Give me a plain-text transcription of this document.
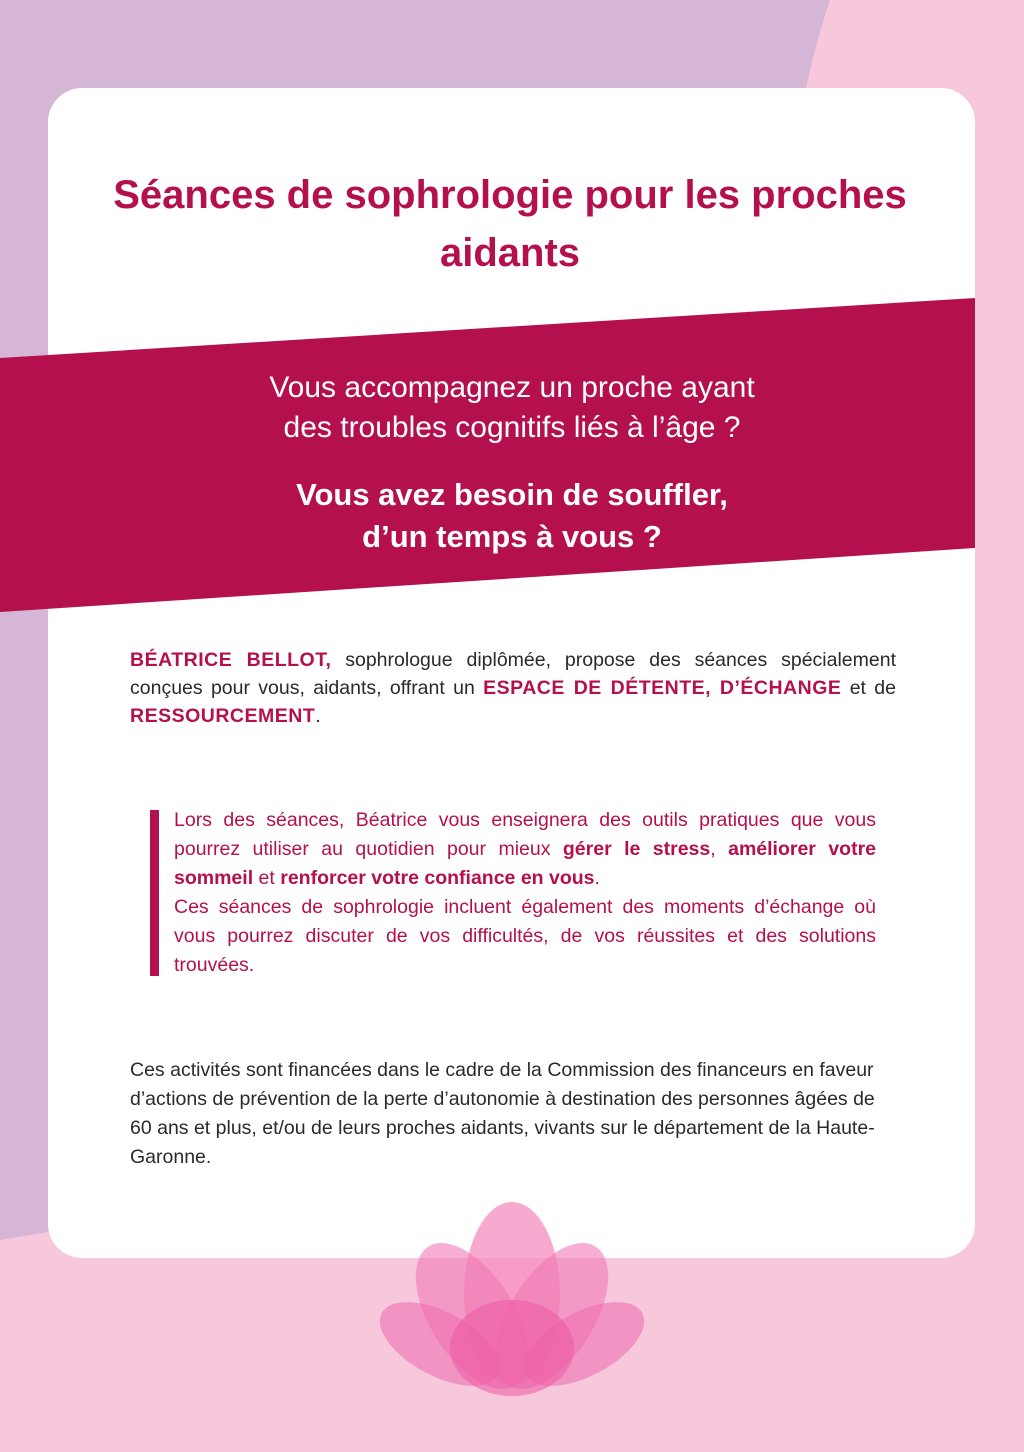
Séances de sophrologie pour les proches aidants
Vous accompagnez un proche ayant
des troubles cognitifs liés à l’âge ?
Vous avez besoin de souffler,
d’un temps à vous ?

BÉATRICE BELLOT, sophrologue diplômée, propose des séances spécialement conçues pour vous, aidants, offrant un ESPACE DE DÉTENTE, D’ÉCHANGE et de RESSOURCEMENT.

Lors des séances, Béatrice vous enseignera des outils pratiques que vous pourrez utiliser au quotidien pour mieux gérer le stress, améliorer votre sommeil et renforcer votre confiance en vous.
Ces séances de sophrologie incluent également des moments d’échange où vous pourrez discuter de vos difficultés, de vos réussites et des solutions trouvées.

Ces activités sont financées dans le cadre de la Commission des financeurs en faveur d’actions de prévention de la perte d’autonomie à destination des personnes âgées de 60 ans et plus, et/ou de leurs proches aidants, vivants sur le département de la Haute-Garonne.
